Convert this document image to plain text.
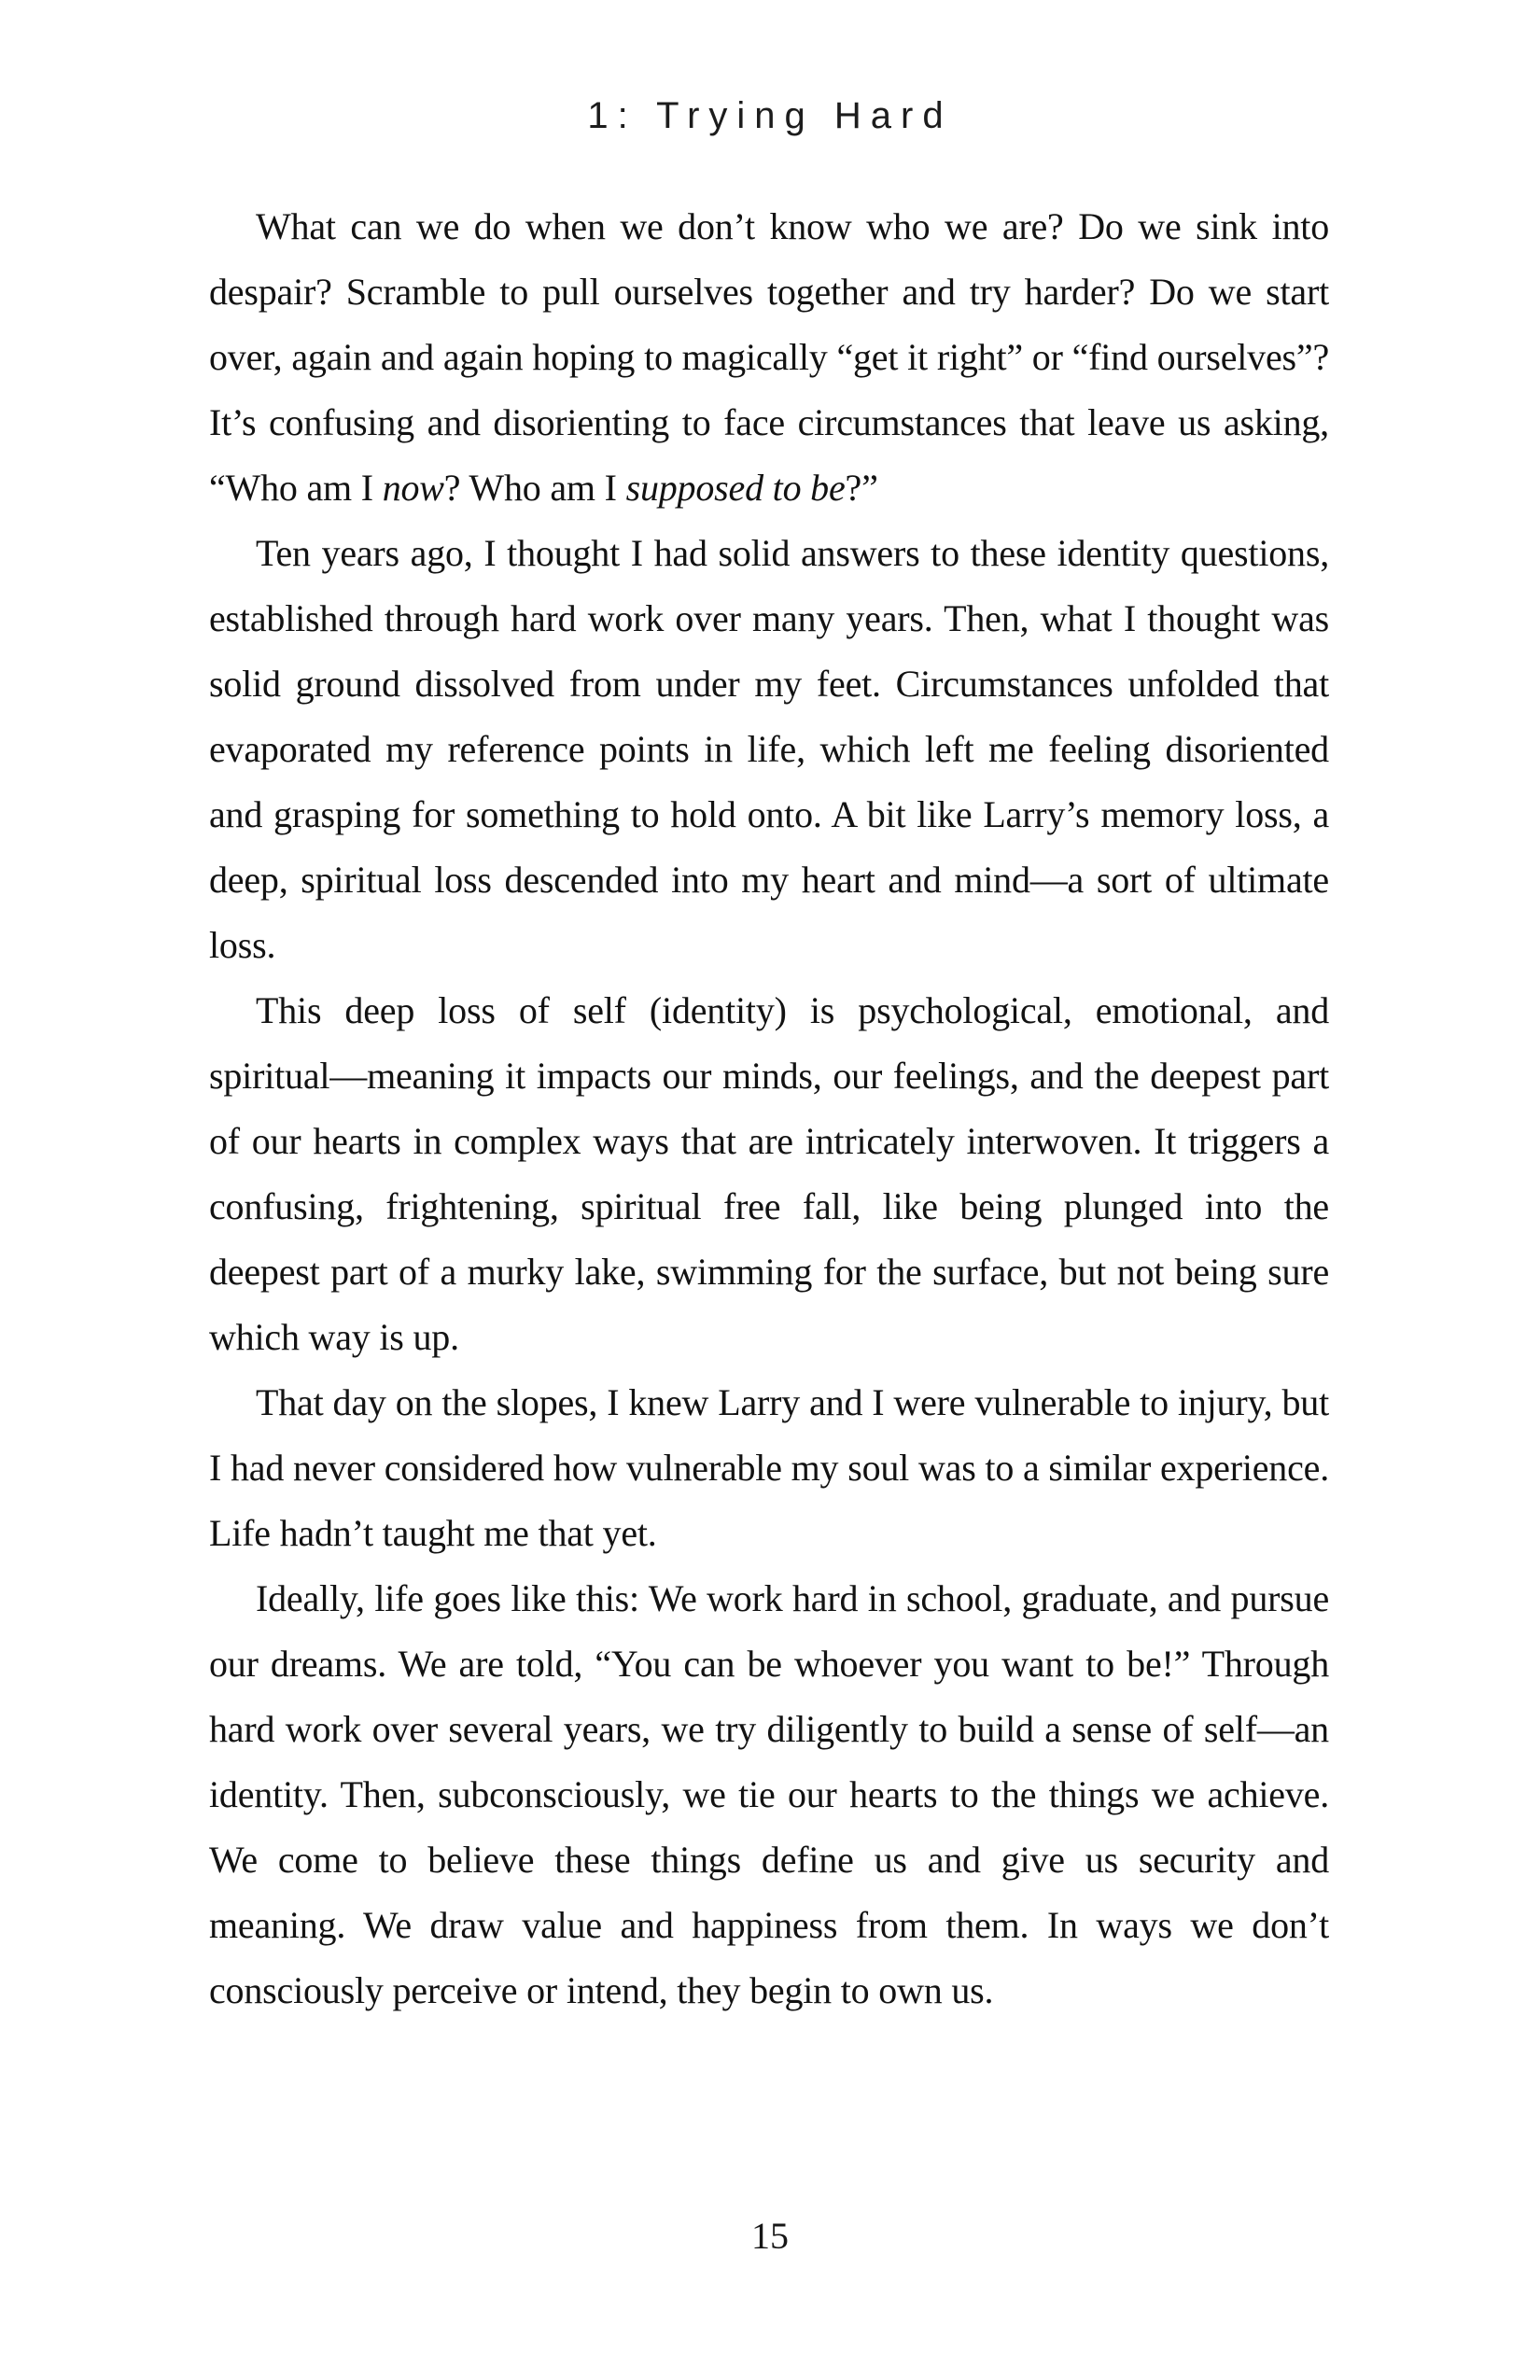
1: Trying Hard

What can we do when we don’t know who we are? Do we sink into despair? Scramble to pull ourselves together and try harder? Do we start over, again and again hoping to magically “get it right” or “find ourselves”? It’s confusing and disorienting to face circumstances that leave us asking, “Who am I now? Who am I supposed to be?”

Ten years ago, I thought I had solid answers to these identity questions, established through hard work over many years. Then, what I thought was solid ground dissolved from under my feet. Circumstances unfolded that evaporated my reference points in life, which left me feeling disoriented and grasping for something to hold onto. A bit like Larry’s memory loss, a deep, spiritual loss descended into my heart and mind—a sort of ultimate loss.

This deep loss of self (identity) is psychological, emotional, and spiritual—meaning it impacts our minds, our feelings, and the deepest part of our hearts in complex ways that are intricately interwoven. It triggers a confusing, frightening, spiritual free fall, like being plunged into the deepest part of a murky lake, swimming for the surface, but not being sure which way is up.

That day on the slopes, I knew Larry and I were vulnerable to injury, but I had never considered how vulnerable my soul was to a similar experience. Life hadn’t taught me that yet.

Ideally, life goes like this: We work hard in school, graduate, and pursue our dreams. We are told, “You can be whoever you want to be!” Through hard work over several years, we try diligently to build a sense of self—an identity. Then, subconsciously, we tie our hearts to the things we achieve. We come to believe these things define us and give us security and meaning. We draw value and happiness from them. In ways we don’t consciously perceive or intend, they begin to own us.

15
